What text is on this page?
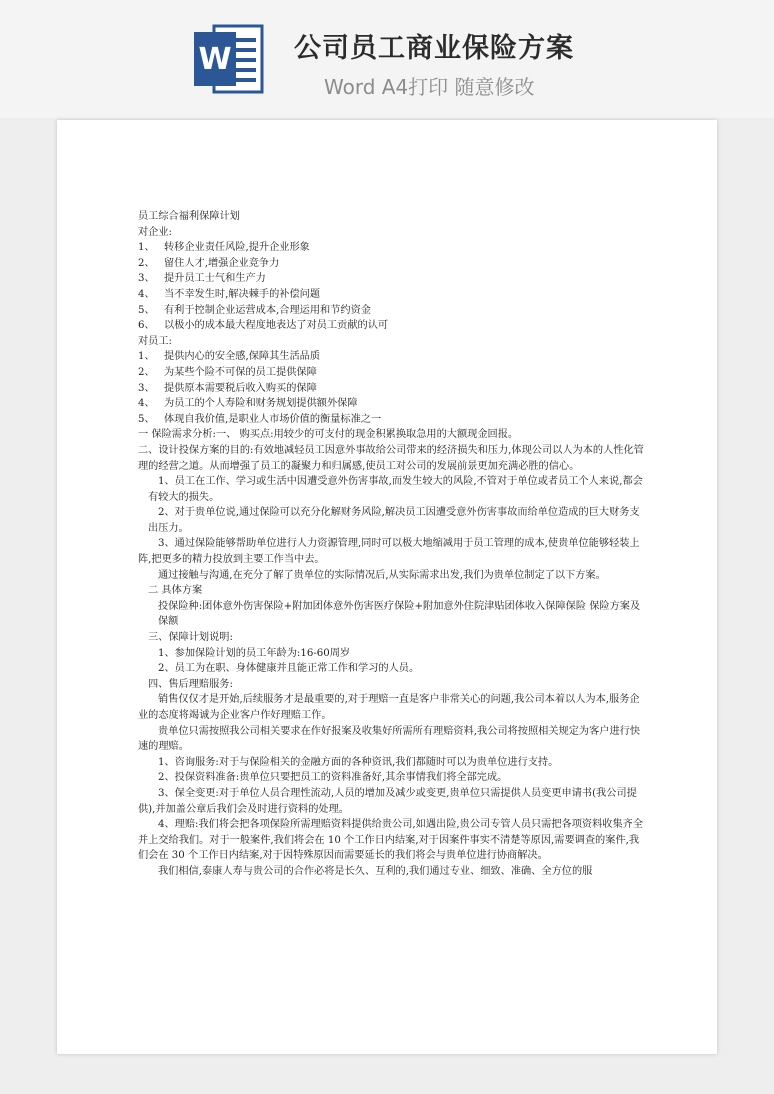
W 公司员工商业保险方案
Word A4打印 随意修改

员工综合福利保障计划

对企业:

1、 转移企业责任风险,提升企业形象

2、 留住人才,增强企业竞争力

3、 提升员工士气和生产力

4、 当不幸发生时,解决棘手的补偿问题

5、 有利于控制企业运营成本,合理运用和节约资金

6、 以极小的成本最大程度地表达了对员工贡献的认可

对员工:

1、 提供内心的安全感,保障其生活品质

2、 为某些个险不可保的员工提供保障

3、 提供原本需要税后收入购买的保障

4、 为员工的个人寿险和财务规划提供额外保障

5、 体现自我价值,是职业人市场价值的衡量标准之一

一 保险需求分析:一、 购买点:用较少的可支付的现金积累换取急用的大额现金回报。

二、设计投保方案的目的:有效地减轻员工因意外事故给公司带来的经济损失和压力,体现公司以人为本的人性化管理的经营之道。从而增强了员工的凝聚力和归属感,使员工对公司的发展前景更加充满必胜的信心。

1、员工在工作、学习或生活中因遭受意外伤害事故,而发生较大的风险,不管对于单位或者员工个人来说,都会有较大的损失。

2、对于贵单位说,通过保险可以充分化解财务风险,解决员工因遭受意外伤害事故而给单位造成的巨大财务支出压力。

3、通过保险能够帮助单位进行人力资源管理,同时可以极大地缩减用于员工管理的成本,使贵单位能够轻装上阵,把更多的精力投放到主要工作当中去。

通过接触与沟通,在充分了解了贵单位的实际情况后,从实际需求出发,我们为贵单位制定了以下方案。

二 具体方案

投保险种:团体意外伤害保险+附加团体意外伤害医疗保险+附加意外住院津贴团体收入保障保险 保险方案及保额

三、保障计划说明:

1、参加保险计划的员工年龄为:16-60周岁

2、员工为在职、身体健康并且能正常工作和学习的人员。

四、售后理赔服务:

销售仅仅才是开始,后续服务才是最重要的,对于理赔一直是客户非常关心的问题,我公司本着以人为本,服务企业的态度将竭诚为企业客户作好理赔工作。

贵单位只需按照我公司相关要求在作好报案及收集好所需所有理赔资料,我公司将按照相关规定为客户进行快速的理赔。

1、咨询服务:对于与保险相关的金融方面的各种资讯,我们都随时可以为贵单位进行支持。

2、投保资料准备:贵单位只要把员工的资料准备好,其余事情我们将全部完成。

3、保全变更:对于单位人员合理性流动,人员的增加及减少或变更,贵单位只需提供人员变更申请书(我公司提供),并加盖公章后我们会及时进行资料的处理。

4、理赔:我们将会把各项保险所需理赔资料提供给贵公司,如遇出险,贵公司专管人员只需把各项资料收集齐全并上交给我们。对于一般案件,我们将会在 10 个工作日内结案,对于因案件事实不清楚等原因,需要调查的案件,我们会在 30 个工作日内结案,对于因特殊原因而需要延长的我们将会与贵单位进行协商解决。

我们相信,泰康人寿与贵公司的合作必将是长久、互利的,我们通过专业、细致、准确、全方位的服
